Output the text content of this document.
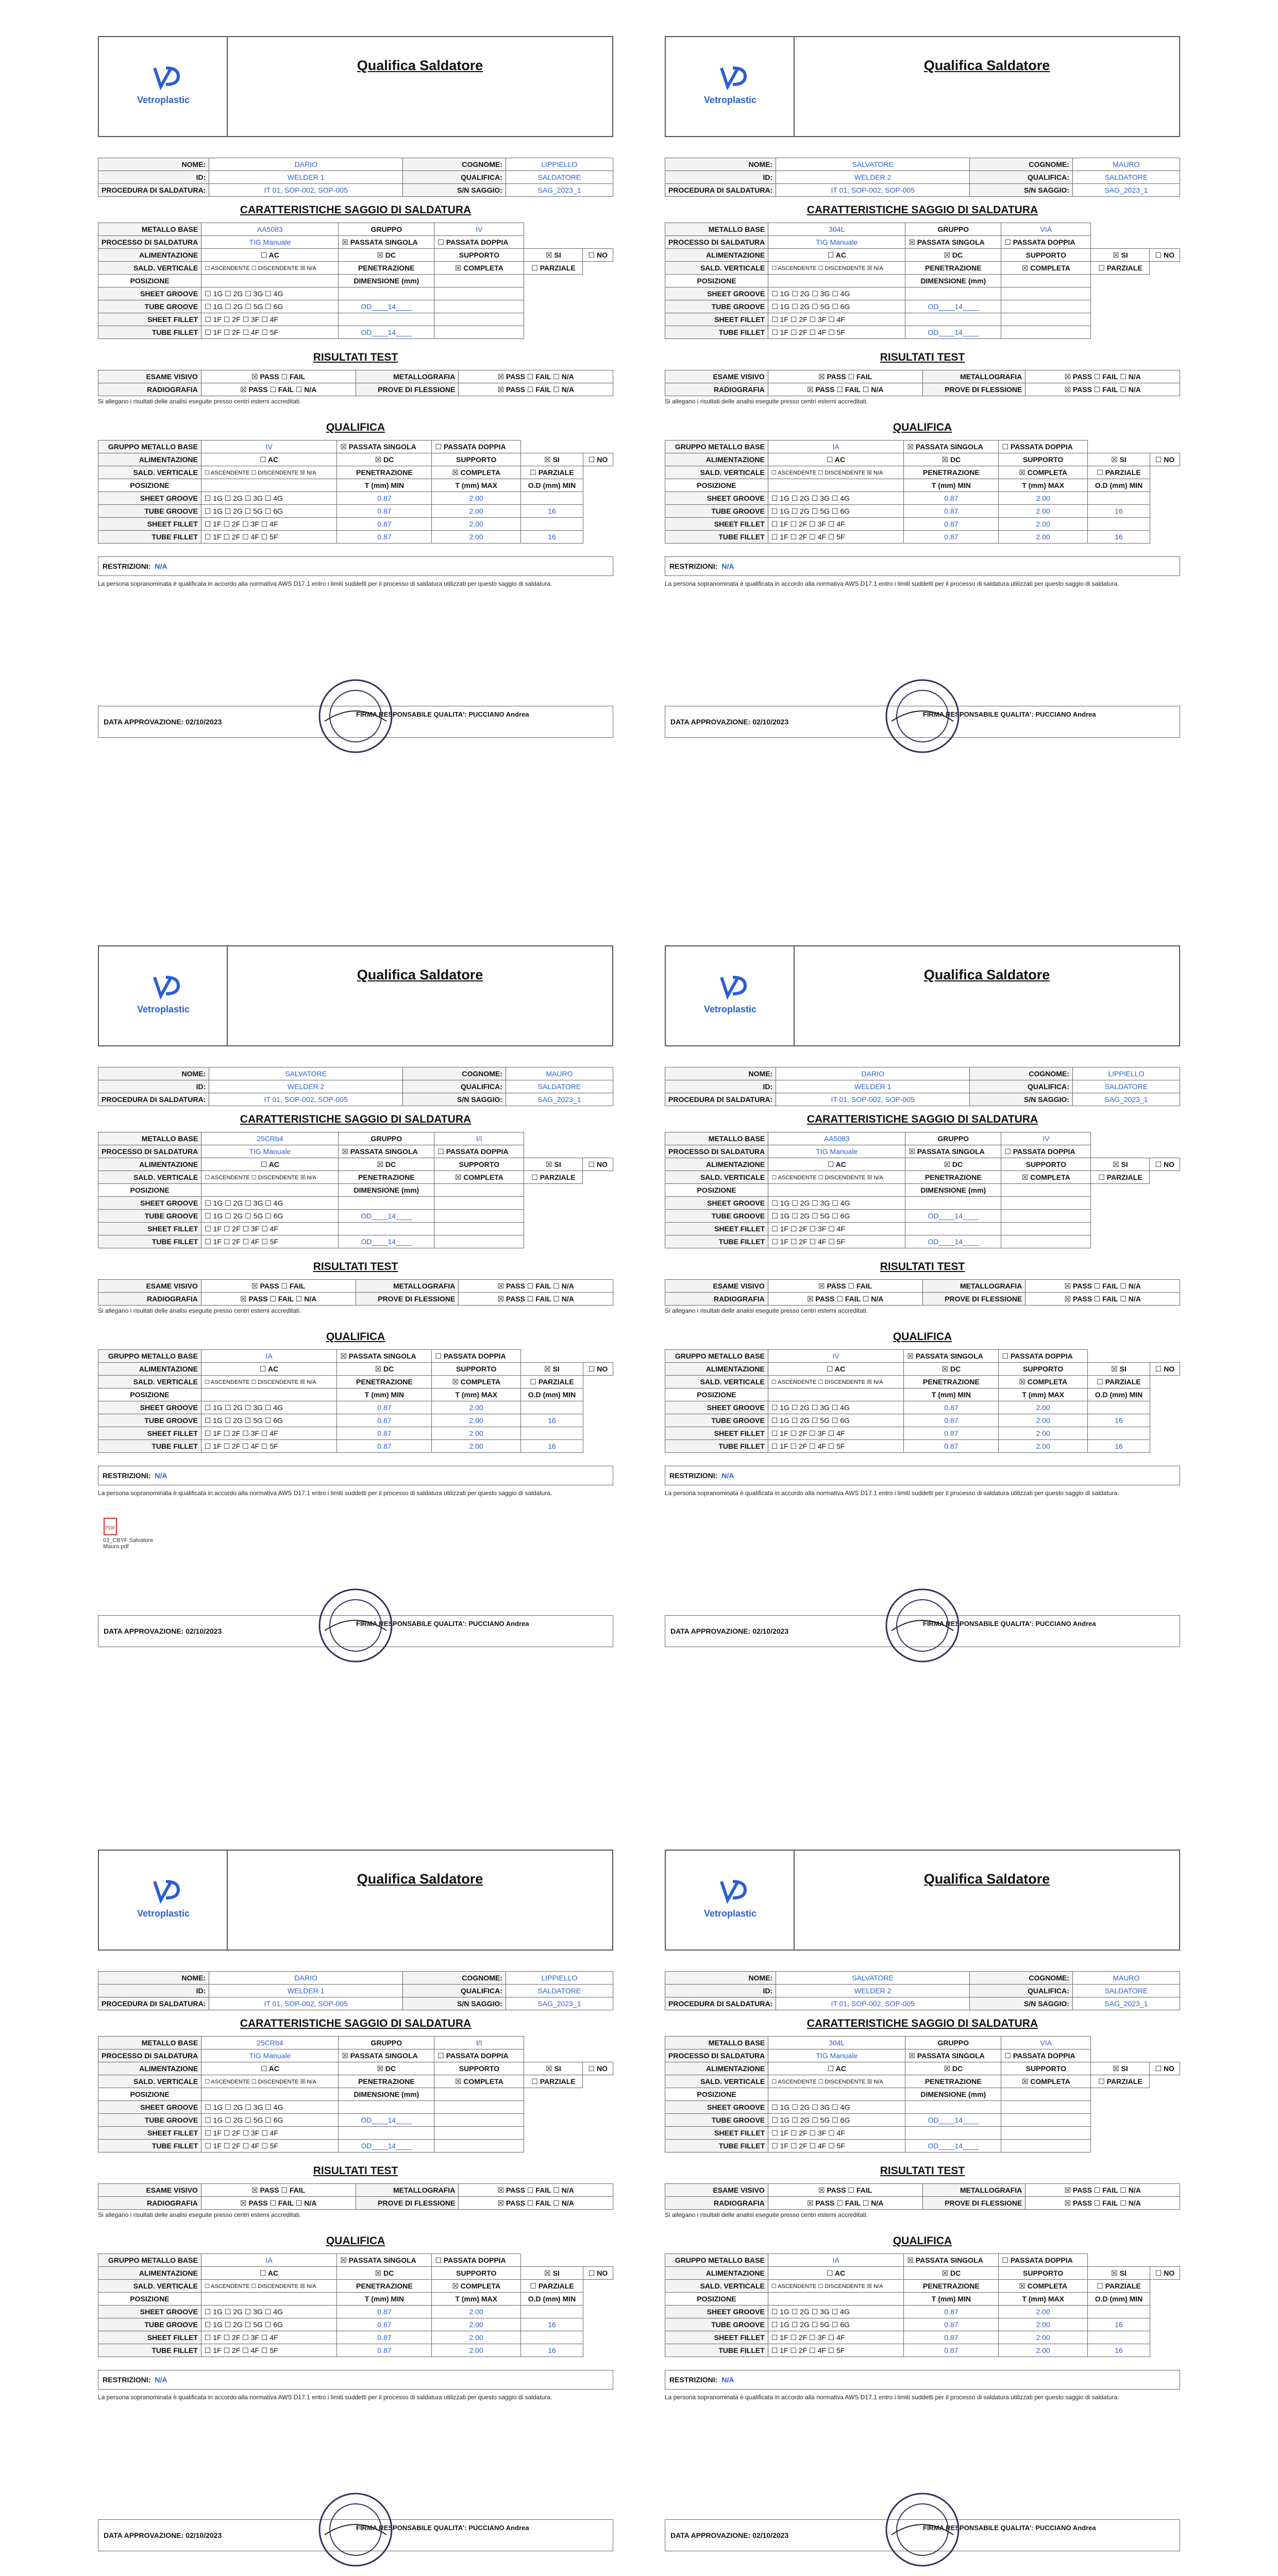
Vetroplastic
Qualifica Saldatore
NOME:	DARIO	COGNOME:	LIPPIELLO
ID:	WELDER 1	QUALIFICA:	SALDATORE
PROCEDURA DI SALDATURA:	IT 01, SOP-002, SOP-005	S/N SAGGIO:	SAG_2023_1
CARATTERISTICHE SAGGIO DI SALDATURA
METALLO BASE	AA5083	GRUPPO	IV		
PROCESSO DI SALDATURA	TIG Manuale	☒ PASSATA SINGOLA	☐ PASSATA DOPPIA		
ALIMENTAZIONE	☐ AC	☒ DC	SUPPORTO	☒ SI	☐ NO
SALD. VERTICALE	☐ ASCENDENTE ☐ DISCENDENTE ☒ N/A	PENETRAZIONE	☒ COMPLETA	☐ PARZIALE	
POSIZIONE		DIMENSIONE (mm)			
SHEET GROOVE	☐ 1G ☐ 2G ☐ 3G ☐ 4G				
TUBE GROOVE	☐ 1G ☐ 2G ☐ 5G ☐ 6G	OD____14____			
SHEET FILLET	☐ 1F ☐ 2F ☐ 3F ☐ 4F				
TUBE FILLET	☐ 1F ☐ 2F ☐ 4F ☐ 5F	OD____14____			
RISULTATI TEST
ESAME VISIVO	☒ PASS ☐ FAIL	METALLOGRAFIA	☒ PASS ☐ FAIL ☐ N/A
RADIOGRAFIA	☒ PASS ☐ FAIL ☐ N/A	PROVE DI FLESSIONE	☒ PASS ☐ FAIL ☐ N/A
Si allegano i risultati delle analisi eseguite presso centri esterni accreditati.
QUALIFICA
GRUPPO METALLO BASE	IV	☒ PASSATA SINGOLA	☐ PASSATA DOPPIA		
ALIMENTAZIONE	☐ AC	☒ DC	SUPPORTO	☒ SI	☐ NO
SALD. VERTICALE	☐ ASCENDENTE ☐ DISCENDENTE ☒ N/A	PENETRAZIONE	☒ COMPLETA	☐ PARZIALE	
POSIZIONE		T (mm) MIN	T (mm) MAX	O.D (mm) MIN	
SHEET GROOVE	☐ 1G ☐ 2G ☐ 3G ☐ 4G	0.87	2.00		
TUBE GROOVE	☐ 1G ☐ 2G ☐ 5G ☐ 6G	0.87	2.00	16	
SHEET FILLET	☐ 1F ☐ 2F ☐ 3F ☐ 4F	0.87	2.00		
TUBE FILLET	☐ 1F ☐ 2F ☐ 4F ☐ 5F	0.87	2.00	16	
RESTRIZIONI: N/A
La persona sopranominata è qualificata in accordo alla normativa AWS D17.1 entro i limiti suddetti per il processo di saldatura utilizzati per questo saggio di saldatura.
DATA APPROVAZIONE: 02/10/2023
FIRMA RESPONSABILE QUALITA': PUCCIANO Andrea
Vetroplastic
Qualifica Saldatore
NOME:	SALVATORE	COGNOME:	MAURO
ID:	WELDER 2	QUALIFICA:	SALDATORE
PROCEDURA DI SALDATURA:	IT 01, SOP-002, SOP-005	S/N SAGGIO:	SAG_2023_1
CARATTERISTICHE SAGGIO DI SALDATURA
METALLO BASE	304L	GRUPPO	VIA		
PROCESSO DI SALDATURA	TIG Manuale	☒ PASSATA SINGOLA	☐ PASSATA DOPPIA		
ALIMENTAZIONE	☐ AC	☒ DC	SUPPORTO	☒ SI	☐ NO
SALD. VERTICALE	☐ ASCENDENTE ☐ DISCENDENTE ☒ N/A	PENETRAZIONE	☒ COMPLETA	☐ PARZIALE	
POSIZIONE		DIMENSIONE (mm)			
SHEET GROOVE	☐ 1G ☐ 2G ☐ 3G ☐ 4G				
TUBE GROOVE	☐ 1G ☐ 2G ☐ 5G ☐ 6G	OD____14____			
SHEET FILLET	☐ 1F ☐ 2F ☐ 3F ☐ 4F				
TUBE FILLET	☐ 1F ☐ 2F ☐ 4F ☐ 5F	OD____14____			
RISULTATI TEST
ESAME VISIVO	☒ PASS ☐ FAIL	METALLOGRAFIA	☒ PASS ☐ FAIL ☐ N/A
RADIOGRAFIA	☒ PASS ☐ FAIL ☐ N/A	PROVE DI FLESSIONE	☒ PASS ☐ FAIL ☐ N/A
Si allegano i risultati delle analisi eseguite presso centri esterni accreditati.
QUALIFICA
GRUPPO METALLO BASE	IA	☒ PASSATA SINGOLA	☐ PASSATA DOPPIA		
ALIMENTAZIONE	☐ AC	☒ DC	SUPPORTO	☒ SI	☐ NO
SALD. VERTICALE	☐ ASCENDENTE ☐ DISCENDENTE ☒ N/A	PENETRAZIONE	☒ COMPLETA	☐ PARZIALE	
POSIZIONE		T (mm) MIN	T (mm) MAX	O.D (mm) MIN	
SHEET GROOVE	☐ 1G ☐ 2G ☐ 3G ☐ 4G	0.87	2.00		
TUBE GROOVE	☐ 1G ☐ 2G ☐ 5G ☐ 6G	0.87	2.00	16	
SHEET FILLET	☐ 1F ☐ 2F ☐ 3F ☐ 4F	0.87	2.00		
TUBE FILLET	☐ 1F ☐ 2F ☐ 4F ☐ 5F	0.87	2.00	16	
RESTRIZIONI: N/A
La persona sopranominata è qualificata in accordo alla normativa AWS D17.1 entro i limiti suddetti per il processo di saldatura utilizzati per questo saggio di saldatura.
DATA APPROVAZIONE: 02/10/2023
FIRMA RESPONSABILE QUALITA': PUCCIANO Andrea
Vetroplastic
Qualifica Saldatore
NOME:	SALVATORE	COGNOME:	MAURO
ID:	WELDER 2	QUALIFICA:	SALDATORE
PROCEDURA DI SALDATURA:	IT 01, SOP-002, SOP-005	S/N SAGGIO:	SAG_2023_1
CARATTERISTICHE SAGGIO DI SALDATURA
METALLO BASE	25CRb4	GRUPPO	I/I		
PROCESSO DI SALDATURA	TIG Manuale	☒ PASSATA SINGOLA	☐ PASSATA DOPPIA		
ALIMENTAZIONE	☐ AC	☒ DC	SUPPORTO	☒ SI	☐ NO
SALD. VERTICALE	☐ ASCENDENTE ☐ DISCENDENTE ☒ N/A	PENETRAZIONE	☒ COMPLETA	☐ PARZIALE	
POSIZIONE		DIMENSIONE (mm)			
SHEET GROOVE	☐ 1G ☐ 2G ☐ 3G ☐ 4G				
TUBE GROOVE	☐ 1G ☐ 2G ☐ 5G ☐ 6G	OD____14____			
SHEET FILLET	☐ 1F ☐ 2F ☐ 3F ☐ 4F				
TUBE FILLET	☐ 1F ☐ 2F ☐ 4F ☐ 5F	OD____14____			
RISULTATI TEST
ESAME VISIVO	☒ PASS ☐ FAIL	METALLOGRAFIA	☒ PASS ☐ FAIL ☐ N/A
RADIOGRAFIA	☒ PASS ☐ FAIL ☐ N/A	PROVE DI FLESSIONE	☒ PASS ☐ FAIL ☐ N/A
Si allegano i risultati delle analisi eseguite presso centri esterni accreditati.
QUALIFICA
GRUPPO METALLO BASE	IA	☒ PASSATA SINGOLA	☐ PASSATA DOPPIA		
ALIMENTAZIONE	☐ AC	☒ DC	SUPPORTO	☒ SI	☐ NO
SALD. VERTICALE	☐ ASCENDENTE ☐ DISCENDENTE ☒ N/A	PENETRAZIONE	☒ COMPLETA	☐ PARZIALE	
POSIZIONE		T (mm) MIN	T (mm) MAX	O.D (mm) MIN	
SHEET GROOVE	☐ 1G ☐ 2G ☐ 3G ☐ 4G	0.87	2.00		
TUBE GROOVE	☐ 1G ☐ 2G ☐ 5G ☐ 6G	0.87	2.00	16	
SHEET FILLET	☐ 1F ☐ 2F ☐ 3F ☐ 4F	0.87	2.00		
TUBE FILLET	☐ 1F ☐ 2F ☐ 4F ☐ 5F	0.87	2.00	16	
RESTRIZIONI: N/A
La persona sopranominata è qualificata in accordo alla normativa AWS D17.1 entro i limiti suddetti per il processo di saldatura utilizzati per questo saggio di saldatura.
PDF
03_CBYF Salvatore Mauro.pdf
DATA APPROVAZIONE: 02/10/2023
FIRMA RESPONSABILE QUALITA': PUCCIANO Andrea
Vetroplastic
Qualifica Saldatore
NOME:	DARIO	COGNOME:	LIPPIELLO
ID:	WELDER 1	QUALIFICA:	SALDATORE
PROCEDURA DI SALDATURA:	IT 01, SOP-002, SOP-005	S/N SAGGIO:	SAG_2023_1
CARATTERISTICHE SAGGIO DI SALDATURA
METALLO BASE	AA5083	GRUPPO	IV		
PROCESSO DI SALDATURA	TIG Manuale	☒ PASSATA SINGOLA	☐ PASSATA DOPPIA		
ALIMENTAZIONE	☐ AC	☒ DC	SUPPORTO	☒ SI	☐ NO
SALD. VERTICALE	☐ ASCENDENTE ☐ DISCENDENTE ☒ N/A	PENETRAZIONE	☒ COMPLETA	☐ PARZIALE	
POSIZIONE		DIMENSIONE (mm)			
SHEET GROOVE	☐ 1G ☐ 2G ☐ 3G ☐ 4G				
TUBE GROOVE	☐ 1G ☐ 2G ☐ 5G ☐ 6G	OD____14____			
SHEET FILLET	☐ 1F ☐ 2F ☐ 3F ☐ 4F				
TUBE FILLET	☐ 1F ☐ 2F ☐ 4F ☐ 5F	OD____14____			
RISULTATI TEST
ESAME VISIVO	☒ PASS ☐ FAIL	METALLOGRAFIA	☒ PASS ☐ FAIL ☐ N/A
RADIOGRAFIA	☒ PASS ☐ FAIL ☐ N/A	PROVE DI FLESSIONE	☒ PASS ☐ FAIL ☐ N/A
Si allegano i risultati delle analisi eseguite presso centri esterni accreditati.
QUALIFICA
GRUPPO METALLO BASE	IV	☒ PASSATA SINGOLA	☐ PASSATA DOPPIA		
ALIMENTAZIONE	☐ AC	☒ DC	SUPPORTO	☒ SI	☐ NO
SALD. VERTICALE	☐ ASCENDENTE ☐ DISCENDENTE ☒ N/A	PENETRAZIONE	☒ COMPLETA	☐ PARZIALE	
POSIZIONE		T (mm) MIN	T (mm) MAX	O.D (mm) MIN	
SHEET GROOVE	☐ 1G ☐ 2G ☐ 3G ☐ 4G	0.87	2.00		
TUBE GROOVE	☐ 1G ☐ 2G ☐ 5G ☐ 6G	0.87	2.00	16	
SHEET FILLET	☐ 1F ☐ 2F ☐ 3F ☐ 4F	0.87	2.00		
TUBE FILLET	☐ 1F ☐ 2F ☐ 4F ☐ 5F	0.87	2.00	16	
RESTRIZIONI: N/A
La persona sopranominata è qualificata in accordo alla normativa AWS D17.1 entro i limiti suddetti per il processo di saldatura utilizzati per questo saggio di saldatura.
DATA APPROVAZIONE: 02/10/2023
FIRMA RESPONSABILE QUALITA': PUCCIANO Andrea
Vetroplastic
Qualifica Saldatore
NOME:	DARIO	COGNOME:	LIPPIELLO
ID:	WELDER 1	QUALIFICA:	SALDATORE
PROCEDURA DI SALDATURA:	IT 01, SOP-002, SOP-005	S/N SAGGIO:	SAG_2023_1
CARATTERISTICHE SAGGIO DI SALDATURA
METALLO BASE	25CRb4	GRUPPO	I/I		
PROCESSO DI SALDATURA	TIG Manuale	☒ PASSATA SINGOLA	☐ PASSATA DOPPIA		
ALIMENTAZIONE	☐ AC	☒ DC	SUPPORTO	☒ SI	☐ NO
SALD. VERTICALE	☐ ASCENDENTE ☐ DISCENDENTE ☒ N/A	PENETRAZIONE	☒ COMPLETA	☐ PARZIALE	
POSIZIONE		DIMENSIONE (mm)			
SHEET GROOVE	☐ 1G ☐ 2G ☐ 3G ☐ 4G				
TUBE GROOVE	☐ 1G ☐ 2G ☐ 5G ☐ 6G	OD____14____			
SHEET FILLET	☐ 1F ☐ 2F ☐ 3F ☐ 4F				
TUBE FILLET	☐ 1F ☐ 2F ☐ 4F ☐ 5F	OD____14____			
RISULTATI TEST
ESAME VISIVO	☒ PASS ☐ FAIL	METALLOGRAFIA	☒ PASS ☐ FAIL ☐ N/A
RADIOGRAFIA	☒ PASS ☐ FAIL ☐ N/A	PROVE DI FLESSIONE	☒ PASS ☐ FAIL ☐ N/A
Si allegano i risultati delle analisi eseguite presso centri esterni accreditati.
QUALIFICA
GRUPPO METALLO BASE	IA	☒ PASSATA SINGOLA	☐ PASSATA DOPPIA		
ALIMENTAZIONE	☐ AC	☒ DC	SUPPORTO	☒ SI	☐ NO
SALD. VERTICALE	☐ ASCENDENTE ☐ DISCENDENTE ☒ N/A	PENETRAZIONE	☒ COMPLETA	☐ PARZIALE	
POSIZIONE		T (mm) MIN	T (mm) MAX	O.D (mm) MIN	
SHEET GROOVE	☐ 1G ☐ 2G ☐ 3G ☐ 4G	0.87	2.00		
TUBE GROOVE	☐ 1G ☐ 2G ☐ 5G ☐ 6G	0.87	2.00	16	
SHEET FILLET	☐ 1F ☐ 2F ☐ 3F ☐ 4F	0.87	2.00		
TUBE FILLET	☐ 1F ☐ 2F ☐ 4F ☐ 5F	0.87	2.00	16	
RESTRIZIONI: N/A
La persona sopranominata è qualificata in accordo alla normativa AWS D17.1 entro i limiti suddetti per il processo di saldatura utilizzati per questo saggio di saldatura.
DATA APPROVAZIONE: 02/10/2023
FIRMA RESPONSABILE QUALITA': PUCCIANO Andrea
Vetroplastic
Qualifica Saldatore
NOME:	SALVATORE	COGNOME:	MAURO
ID:	WELDER 2	QUALIFICA:	SALDATORE
PROCEDURA DI SALDATURA:	IT 01, SOP-002, SOP-005	S/N SAGGIO:	SAG_2023_1
CARATTERISTICHE SAGGIO DI SALDATURA
METALLO BASE	304L	GRUPPO	VIA		
PROCESSO DI SALDATURA	TIG Manuale	☒ PASSATA SINGOLA	☐ PASSATA DOPPIA		
ALIMENTAZIONE	☐ AC	☒ DC	SUPPORTO	☒ SI	☐ NO
SALD. VERTICALE	☐ ASCENDENTE ☐ DISCENDENTE ☒ N/A	PENETRAZIONE	☒ COMPLETA	☐ PARZIALE	
POSIZIONE		DIMENSIONE (mm)			
SHEET GROOVE	☐ 1G ☐ 2G ☐ 3G ☐ 4G				
TUBE GROOVE	☐ 1G ☐ 2G ☐ 5G ☐ 6G	OD____14____			
SHEET FILLET	☐ 1F ☐ 2F ☐ 3F ☐ 4F				
TUBE FILLET	☐ 1F ☐ 2F ☐ 4F ☐ 5F	OD____14____			
RISULTATI TEST
ESAME VISIVO	☒ PASS ☐ FAIL	METALLOGRAFIA	☒ PASS ☐ FAIL ☐ N/A
RADIOGRAFIA	☒ PASS ☐ FAIL ☐ N/A	PROVE DI FLESSIONE	☒ PASS ☐ FAIL ☐ N/A
Si allegano i risultati delle analisi eseguite presso centri esterni accreditati.
QUALIFICA
GRUPPO METALLO BASE	IA	☒ PASSATA SINGOLA	☐ PASSATA DOPPIA		
ALIMENTAZIONE	☐ AC	☒ DC	SUPPORTO	☒ SI	☐ NO
SALD. VERTICALE	☐ ASCENDENTE ☐ DISCENDENTE ☒ N/A	PENETRAZIONE	☒ COMPLETA	☐ PARZIALE	
POSIZIONE		T (mm) MIN	T (mm) MAX	O.D (mm) MIN	
SHEET GROOVE	☐ 1G ☐ 2G ☐ 3G ☐ 4G	0.87	2.00		
TUBE GROOVE	☐ 1G ☐ 2G ☐ 5G ☐ 6G	0.87	2.00	16	
SHEET FILLET	☐ 1F ☐ 2F ☐ 3F ☐ 4F	0.87	2.00		
TUBE FILLET	☐ 1F ☐ 2F ☐ 4F ☐ 5F	0.87	2.00	16	
RESTRIZIONI: N/A
La persona sopranominata è qualificata in accordo alla normativa AWS D17.1 entro i limiti suddetti per il processo di saldatura utilizzati per questo saggio di saldatura.
DATA APPROVAZIONE: 02/10/2023
FIRMA RESPONSABILE QUALITA': PUCCIANO Andrea
